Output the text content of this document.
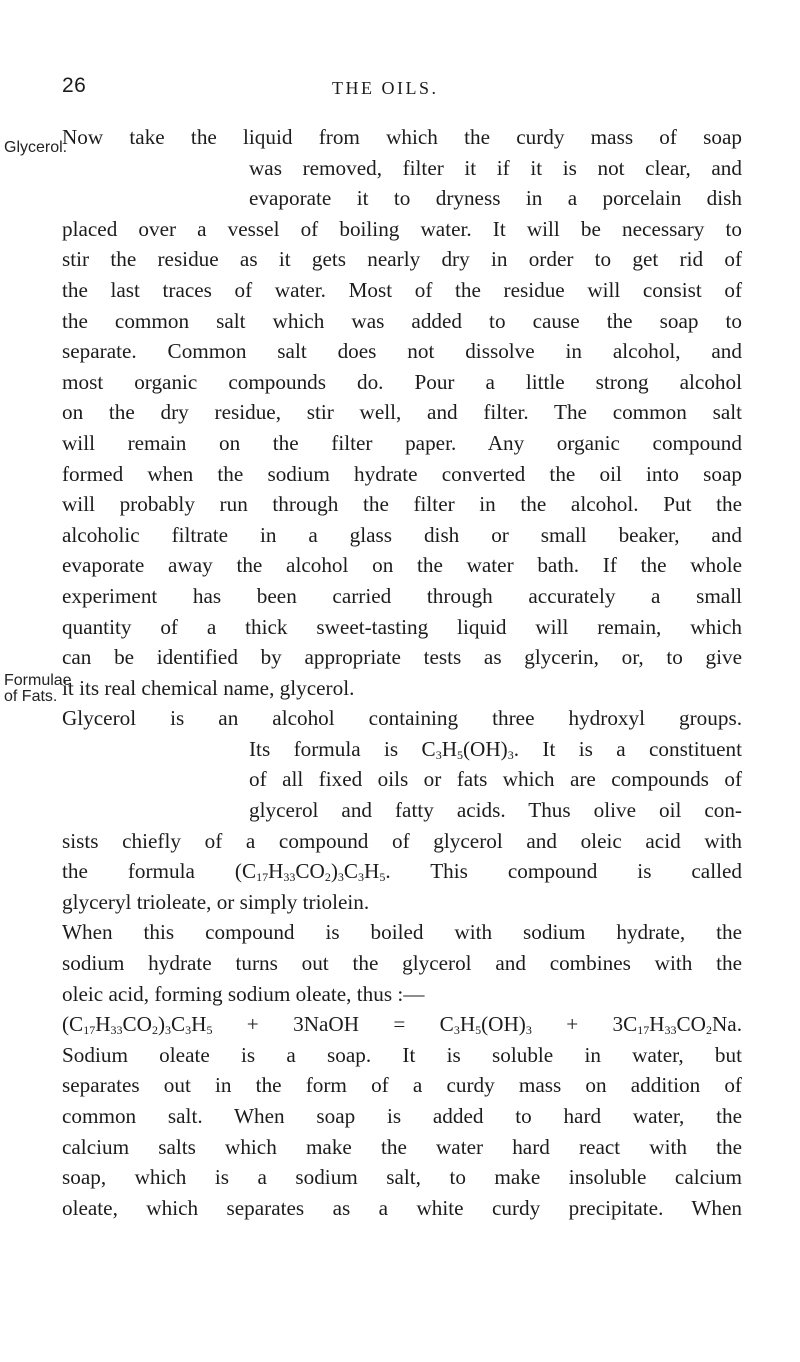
26	THE OILS.
Glycerol.
Formulae
of Fats.
Now take the liquid from which the curdy mass of soap
was removed, filter it if it is not clear, and
evaporate it to dryness in a porcelain dish
placed over a vessel of boiling water. It will be necessary to
stir the residue as it gets nearly dry in order to get rid of
the last traces of water. Most of the residue will consist of
the common salt which was added to cause the soap to
separate. Common salt does not dissolve in alcohol, and
most organic compounds do. Pour a little strong alcohol
on the dry residue, stir well, and filter. The common salt
will remain on the filter paper. Any organic compound
formed when the sodium hydrate converted the oil into soap
will probably run through the filter in the alcohol. Put the
alcoholic filtrate in a glass dish or small beaker, and
evaporate away the alcohol on the water bath. If the whole
experiment has been carried through accurately a small
quantity of a thick sweet-tasting liquid will remain, which
can be identified by appropriate tests as glycerin, or, to give
it its real chemical name, glycerol.
Glycerol is an alcohol containing three hydroxyl groups.
Its formula is $C_3H_5(OH)_3$. It is a constituent
of all fixed oils or fats which are compounds of
glycerol and fatty acids. Thus olive oil con-
sists chiefly of a compound of glycerol and oleic acid with
the formula $(C_{17}H_{33}CO_2)_3C_3H_5$. This compound is called
glyceryl trioleate, or simply triolein.
When this compound is boiled with sodium hydrate, the
sodium hydrate turns out the glycerol and combines with the
oleic acid, forming sodium oleate, thus :—
$(C_{17}H_{33}CO_2)_3C_3H_5$ + 3NaOH = $C_3H_5(OH)_3 + 3C_{17}H_{33}CO_2Na$.
Sodium oleate is a soap. It is soluble in water, but
separates out in the form of a curdy mass on addition of
common salt. When soap is added to hard water, the
calcium salts which make the water hard react with the
soap, which is a sodium salt, to make insoluble calcium
oleate, which separates as a white curdy precipitate. When
